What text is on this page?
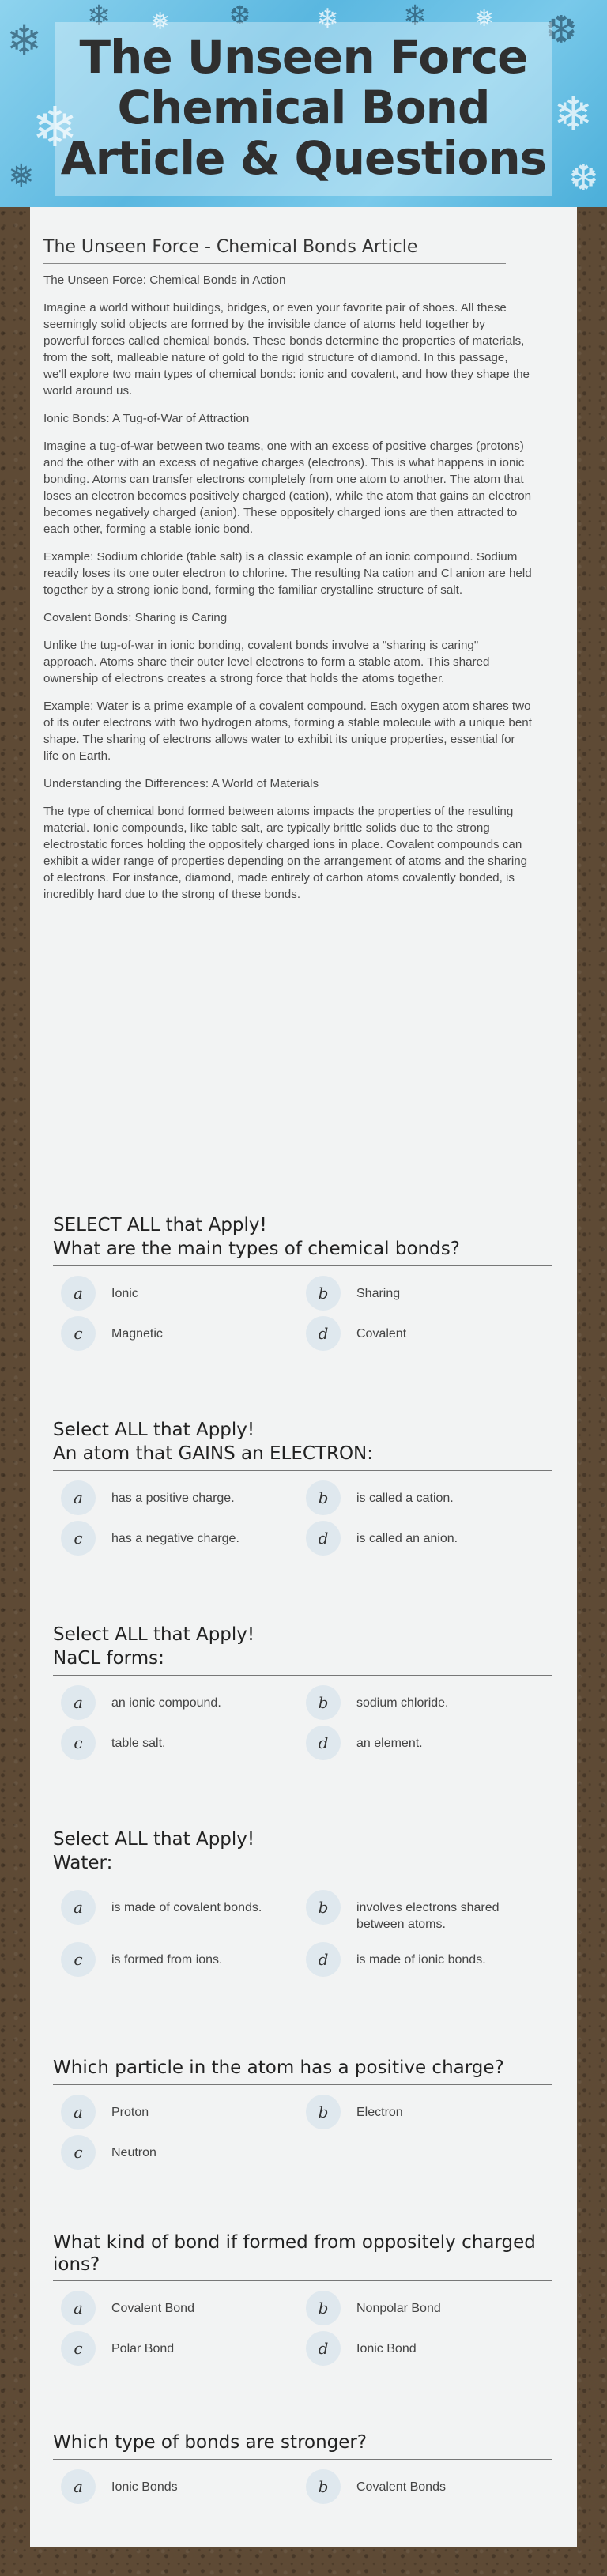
❄
❄
❄ ❅ ❆ ❄ ❄ ❅ ❆
❄
❅	❆
The Unseen Force
Chemical Bond
Article & Questions
The Unseen Force - Chemical Bonds Article

The Unseen Force: Chemical Bonds in Action

Imagine a world without buildings, bridges, or even your favorite pair of shoes. All these seemingly solid objects are formed by the invisible dance of atoms held together by powerful forces called chemical bonds. These bonds determine the properties of materials, from the soft, malleable nature of gold to the rigid structure of diamond. In this passage, we'll explore two main types of chemical bonds: ionic and covalent, and how they shape the world around us.

Ionic Bonds: A Tug-of-War of Attraction

Imagine a tug-of-war between two teams, one with an excess of positive charges (protons) and the other with an excess of negative charges (electrons). This is what happens in ionic bonding. Atoms can transfer electrons completely from one atom to another. The atom that loses an electron becomes positively charged (cation), while the atom that gains an electron becomes negatively charged (anion). These oppositely charged ions are then attracted to each other, forming a stable ionic bond.

Example: Sodium chloride (table salt) is a classic example of an ionic compound. Sodium readily loses its one outer electron to chlorine. The resulting Na cation and Cl anion are held together by a strong ionic bond, forming the familiar crystalline structure of salt.

Covalent Bonds: Sharing is Caring

Unlike the tug-of-war in ionic bonding, covalent bonds involve a "sharing is caring" approach. Atoms share their outer level electrons to form a stable atom. This shared ownership of electrons creates a strong force that holds the atoms together.

Example: Water is a prime example of a covalent compound. Each oxygen atom shares two of its outer electrons with two hydrogen atoms, forming a stable molecule with a unique bent shape. The sharing of electrons allows water to exhibit its unique properties, essential for life on Earth.

Understanding the Differences: A World of Materials

The type of chemical bond formed between atoms impacts the properties of the resulting material. Ionic compounds, like table salt, are typically brittle solids due to the strong electrostatic forces holding the oppositely charged ions in place. Covalent compounds can exhibit a wider range of properties depending on the arrangement of atoms and the sharing of electrons. For instance, diamond, made entirely of carbon atoms covalently bonded, is incredibly hard due to the strong of these bonds.

SELECT ALL that Apply!
What are the main types of chemical bonds?
a	Ionic	b	Sharing
c	Magnetic	d	Covalent
Select ALL that Apply!
An atom that GAINS an ELECTRON:
a	has a positive charge.	b	is called a cation.
c	has a negative charge.	d	is called an anion.
Select ALL that Apply!
NaCL forms:
a	an ionic compound.	b	sodium chloride.
c	table salt.	d	an element.
Select ALL that Apply!
Water:
a	is made of covalent bonds.	b	involves electrons shared between atoms.
c	is formed from ions.	d	is made of ionic bonds.
Which particle in the atom has a positive charge?
a	Proton	b	Electron
c	Neutron
What kind of bond if formed from oppositely charged ions?
a	Covalent Bond	b	Nonpolar Bond
c	Polar Bond	d	Ionic Bond
Which type of bonds are stronger?
a	Ionic Bonds	b	Covalent Bonds
